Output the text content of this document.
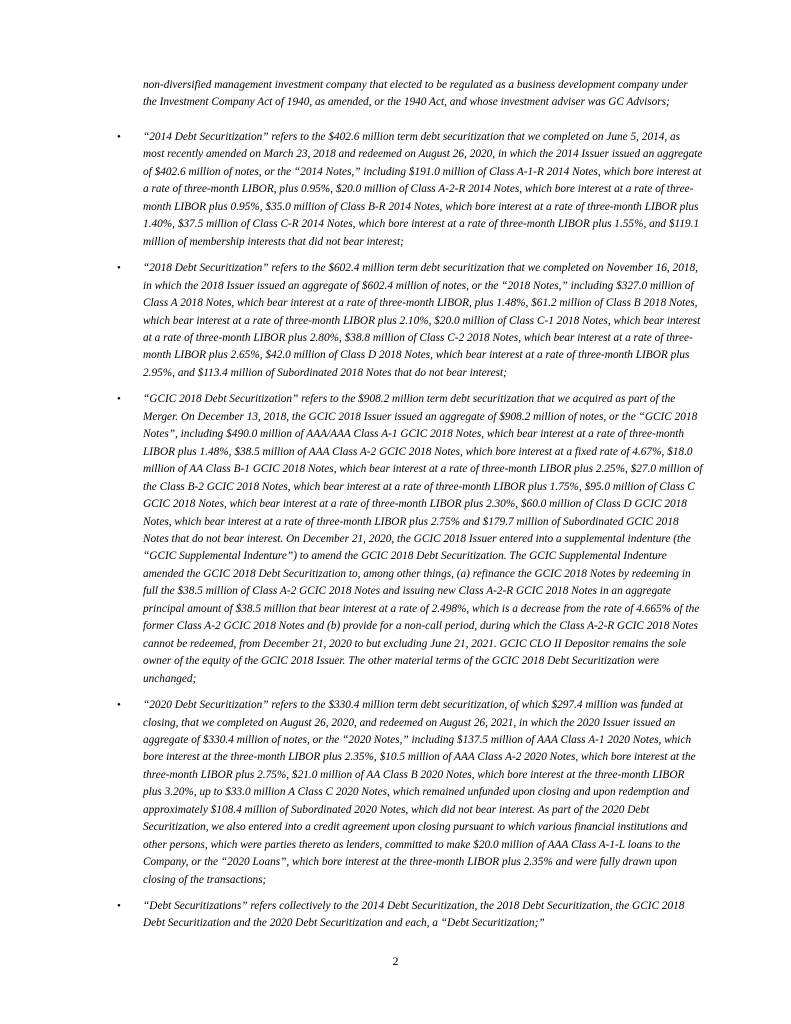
non-diversified management investment company that elected to be regulated as a business development company under the Investment Company Act of 1940, as amended, or the 1940 Act, and whose investment adviser was GC Advisors;

• “2014 Debt Securitization” refers to the $402.6 million term debt securitization that we completed on June 5, 2014, as most recently amended on March 23, 2018 and redeemed on August 26, 2020, in which the 2014 Issuer issued an aggregate of $402.6 million of notes, or the “2014 Notes,” including $191.0 million of Class A-1-R 2014 Notes, which bore interest at a rate of three-month LIBOR, plus 0.95%, $20.0 million of Class A-2-R 2014 Notes, which bore interest at a rate of three-month LIBOR plus 0.95%, $35.0 million of Class B-R 2014 Notes, which bore interest at a rate of three-month LIBOR plus 1.40%, $37.5 million of Class C-R 2014 Notes, which bore interest at a rate of three-month LIBOR plus 1.55%, and $119.1 million of membership interests that did not bear interest;
• “2018 Debt Securitization” refers to the $602.4 million term debt securitization that we completed on November 16, 2018, in which the 2018 Issuer issued an aggregate of $602.4 million of notes, or the “2018 Notes,” including $327.0 million of Class A 2018 Notes, which bear interest at a rate of three-month LIBOR, plus 1.48%, $61.2 million of Class B 2018 Notes, which bear interest at a rate of three-month LIBOR plus 2.10%, $20.0 million of Class C-1 2018 Notes, which bear interest at a rate of three-month LIBOR plus 2.80%, $38.8 million of Class C-2 2018 Notes, which bear interest at a rate of three-month LIBOR plus 2.65%, $42.0 million of Class D 2018 Notes, which bear interest at a rate of three-month LIBOR plus 2.95%, and $113.4 million of Subordinated 2018 Notes that do not bear interest;
• “GCIC 2018 Debt Securitization” refers to the $908.2 million term debt securitization that we acquired as part of the Merger. On December 13, 2018, the GCIC 2018 Issuer issued an aggregate of $908.2 million of notes, or the “GCIC 2018 Notes”, including $490.0 million of AAA/AAA Class A-1 GCIC 2018 Notes, which bear interest at a rate of three-month LIBOR plus 1.48%, $38.5 million of AAA Class A-2 GCIC 2018 Notes, which bore interest at a fixed rate of 4.67%, $18.0 million of AA Class B-1 GCIC 2018 Notes, which bear interest at a rate of three-month LIBOR plus 2.25%, $27.0 million of the Class B-2 GCIC 2018 Notes, which bear interest at a rate of three-month LIBOR plus 1.75%, $95.0 million of Class C GCIC 2018 Notes, which bear interest at a rate of three-month LIBOR plus 2.30%, $60.0 million of Class D GCIC 2018 Notes, which bear interest at a rate of three-month LIBOR plus 2.75% and $179.7 million of Subordinated GCIC 2018 Notes that do not bear interest. On December 21, 2020, the GCIC 2018 Issuer entered into a supplemental indenture (the “GCIC Supplemental Indenture”) to amend the GCIC 2018 Debt Securitization. The GCIC Supplemental Indenture amended the GCIC 2018 Debt Securitization to, among other things, (a) refinance the GCIC 2018 Notes by redeeming in full the $38.5 million of Class A-2 GCIC 2018 Notes and issuing new Class A-2-R GCIC 2018 Notes in an aggregate principal amount of $38.5 million that bear interest at a rate of 2.498%, which is a decrease from the rate of 4.665% of the former Class A-2 GCIC 2018 Notes and (b) provide for a non-call period, during which the Class A-2-R GCIC 2018 Notes cannot be redeemed, from December 21, 2020 to but excluding June 21, 2021. GCIC CLO II Depositor remains the sole owner of the equity of the GCIC 2018 Issuer. The other material terms of the GCIC 2018 Debt Securitization were unchanged;
• “2020 Debt Securitization” refers to the $330.4 million term debt securitization, of which $297.4 million was funded at closing, that we completed on August 26, 2020, and redeemed on August 26, 2021, in which the 2020 Issuer issued an aggregate of $330.4 million of notes, or the “2020 Notes,” including $137.5 million of AAA Class A-1 2020 Notes, which bore interest at the three-month LIBOR plus 2.35%, $10.5 million of AAA Class A-2 2020 Notes, which bore interest at the three-month LIBOR plus 2.75%, $21.0 million of AA Class B 2020 Notes, which bore interest at the three-month LIBOR plus 3.20%, up to $33.0 million A Class C 2020 Notes, which remained unfunded upon closing and upon redemption and approximately $108.4 million of Subordinated 2020 Notes, which did not bear interest. As part of the 2020 Debt Securitization, we also entered into a credit agreement upon closing pursuant to which various financial institutions and other persons, which were parties thereto as lenders, committed to make $20.0 million of AAA Class A-1-L loans to the Company, or the “2020 Loans”, which bore interest at the three-month LIBOR plus 2.35% and were fully drawn upon closing of the transactions;
• “Debt Securitizations” refers collectively to the 2014 Debt Securitization, the 2018 Debt Securitization, the GCIC 2018 Debt Securitization and the 2020 Debt Securitization and each, a “Debt Securitization;”
2
